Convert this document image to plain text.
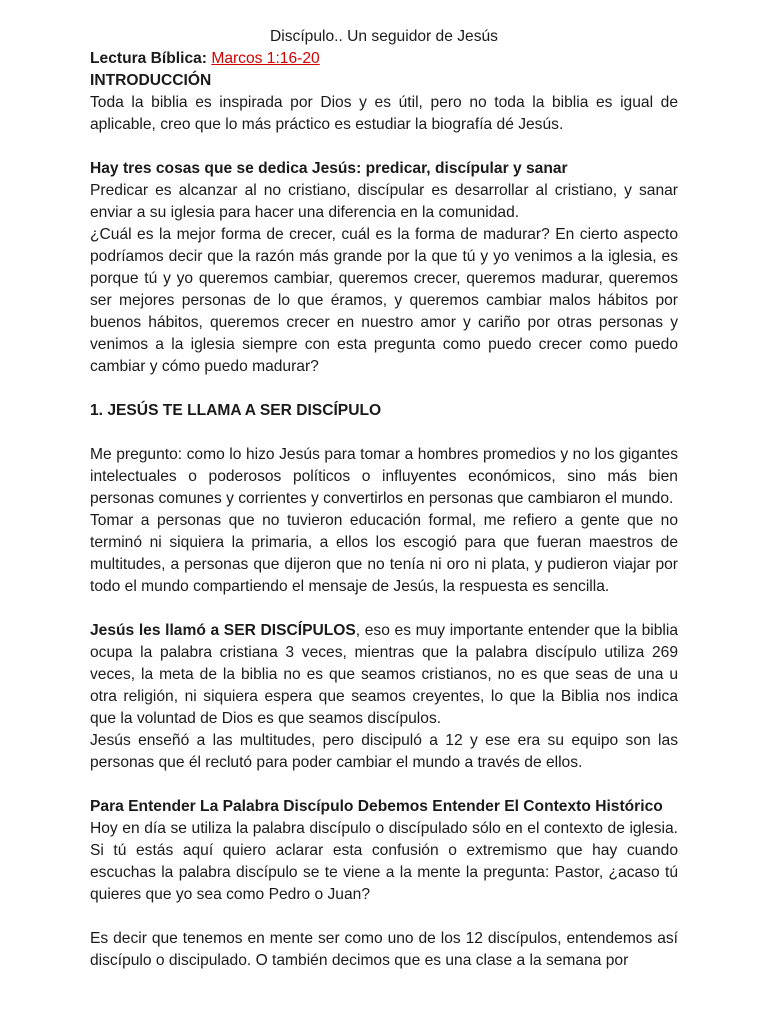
Discípulo.. Un seguidor de Jesús

Lectura Bíblica: Marcos 1:16-20

INTRODUCCIÓN

Toda la biblia es inspirada por Dios y es útil, pero no toda la biblia es igual de aplicable, creo que lo más práctico es estudiar la biografía dé Jesús.

Hay tres cosas que se dedica Jesús: predicar, discípular y sanar

Predicar es alcanzar al no cristiano, discípular es desarrollar al cristiano, y sanar enviar a su iglesia para hacer una diferencia en la comunidad.

¿Cuál es la mejor forma de crecer, cuál es la forma de madurar? En cierto aspecto podríamos decir que la razón más grande por la que tú y yo venimos a la iglesia, es porque tú y yo queremos cambiar, queremos crecer, queremos madurar, queremos ser mejores personas de lo que éramos, y queremos cambiar malos hábitos por buenos hábitos, queremos crecer en nuestro amor y cariño por otras personas y venimos a la iglesia siempre con esta pregunta como puedo crecer como puedo cambiar y cómo puedo madurar?

1. JESÚS TE LLAMA A SER DISCÍPULO

Me pregunto: como lo hizo Jesús para tomar a hombres promedios y no los gigantes intelectuales o poderosos políticos o influyentes económicos, sino más bien personas comunes y corrientes y convertirlos en personas que cambiaron el mundo.

Tomar a personas que no tuvieron educación formal, me refiero a gente que no terminó ni siquiera la primaria, a ellos los escogió para que fueran maestros de multitudes, a personas que dijeron que no tenía ni oro ni plata, y pudieron viajar por todo el mundo compartiendo el mensaje de Jesús, la respuesta es sencilla.

Jesús les llamó a SER DISCÍPULOS, eso es muy importante entender que la biblia ocupa la palabra cristiana 3 veces, mientras que la palabra discípulo utiliza 269 veces, la meta de la biblia no es que seamos cristianos, no es que seas de una u otra religión, ni siquiera espera que seamos creyentes, lo que la Biblia nos indica que la voluntad de Dios es que seamos discípulos.

Jesús enseñó a las multitudes, pero discipuló a 12 y ese era su equipo son las personas que él reclutó para poder cambiar el mundo a través de ellos.

Para Entender La Palabra Discípulo Debemos Entender El Contexto Histórico

Hoy en día se utiliza la palabra discípulo o discípulado sólo en el contexto de iglesia. Si tú estás aquí quiero aclarar esta confusión o extremismo que hay cuando escuchas la palabra discípulo se te viene a la mente la pregunta: Pastor, ¿acaso tú quieres que yo sea como Pedro o Juan?

Es decir que tenemos en mente ser como uno de los 12 discípulos, entendemos así discípulo o discipulado. O también decimos que es una clase a la semana por
